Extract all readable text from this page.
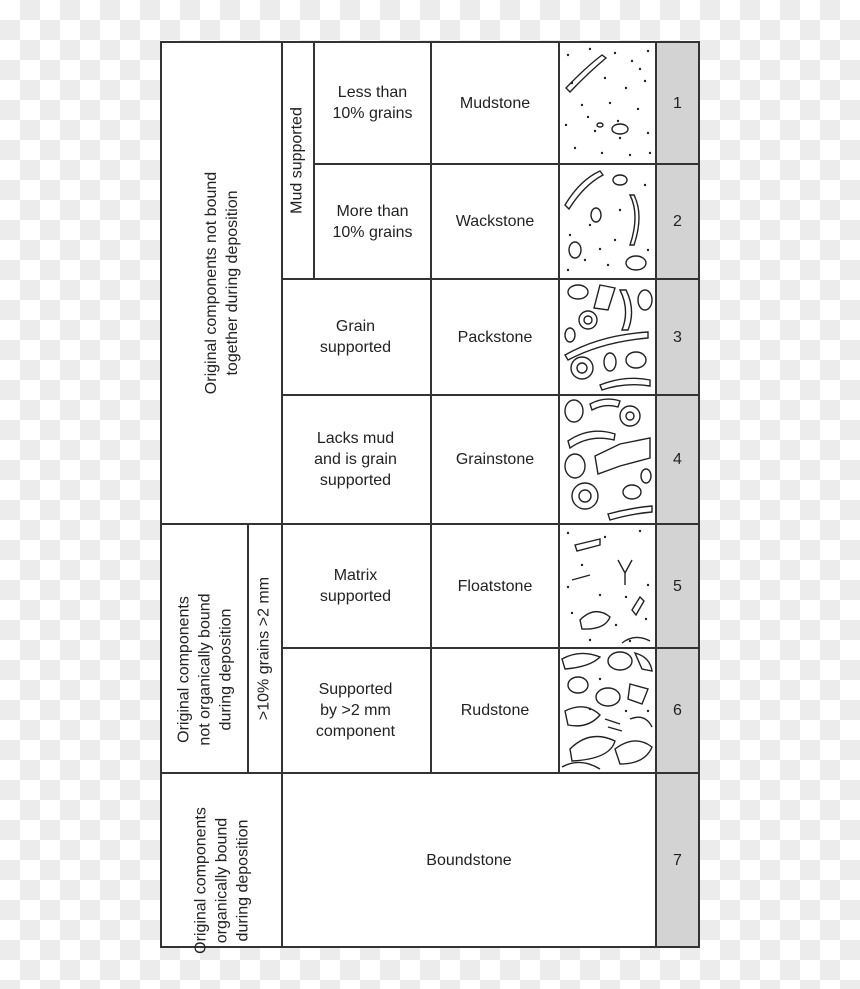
Original components not bound
together during deposition
Original components
not organically bound
during deposition
Original components
organically bound
during deposition
Mud supported
>10% grains >2 mm
Less than
10% grains
More than
10% grains
Grain
supported
Lacks mud
and is grain
supported
Matrix
supported
Supported
by >2 mm
component
Mudstone
Wackstone
Packstone
Grainstone
Floatstone
Rudstone
Boundstone
1
2
3
4
5
6
7
